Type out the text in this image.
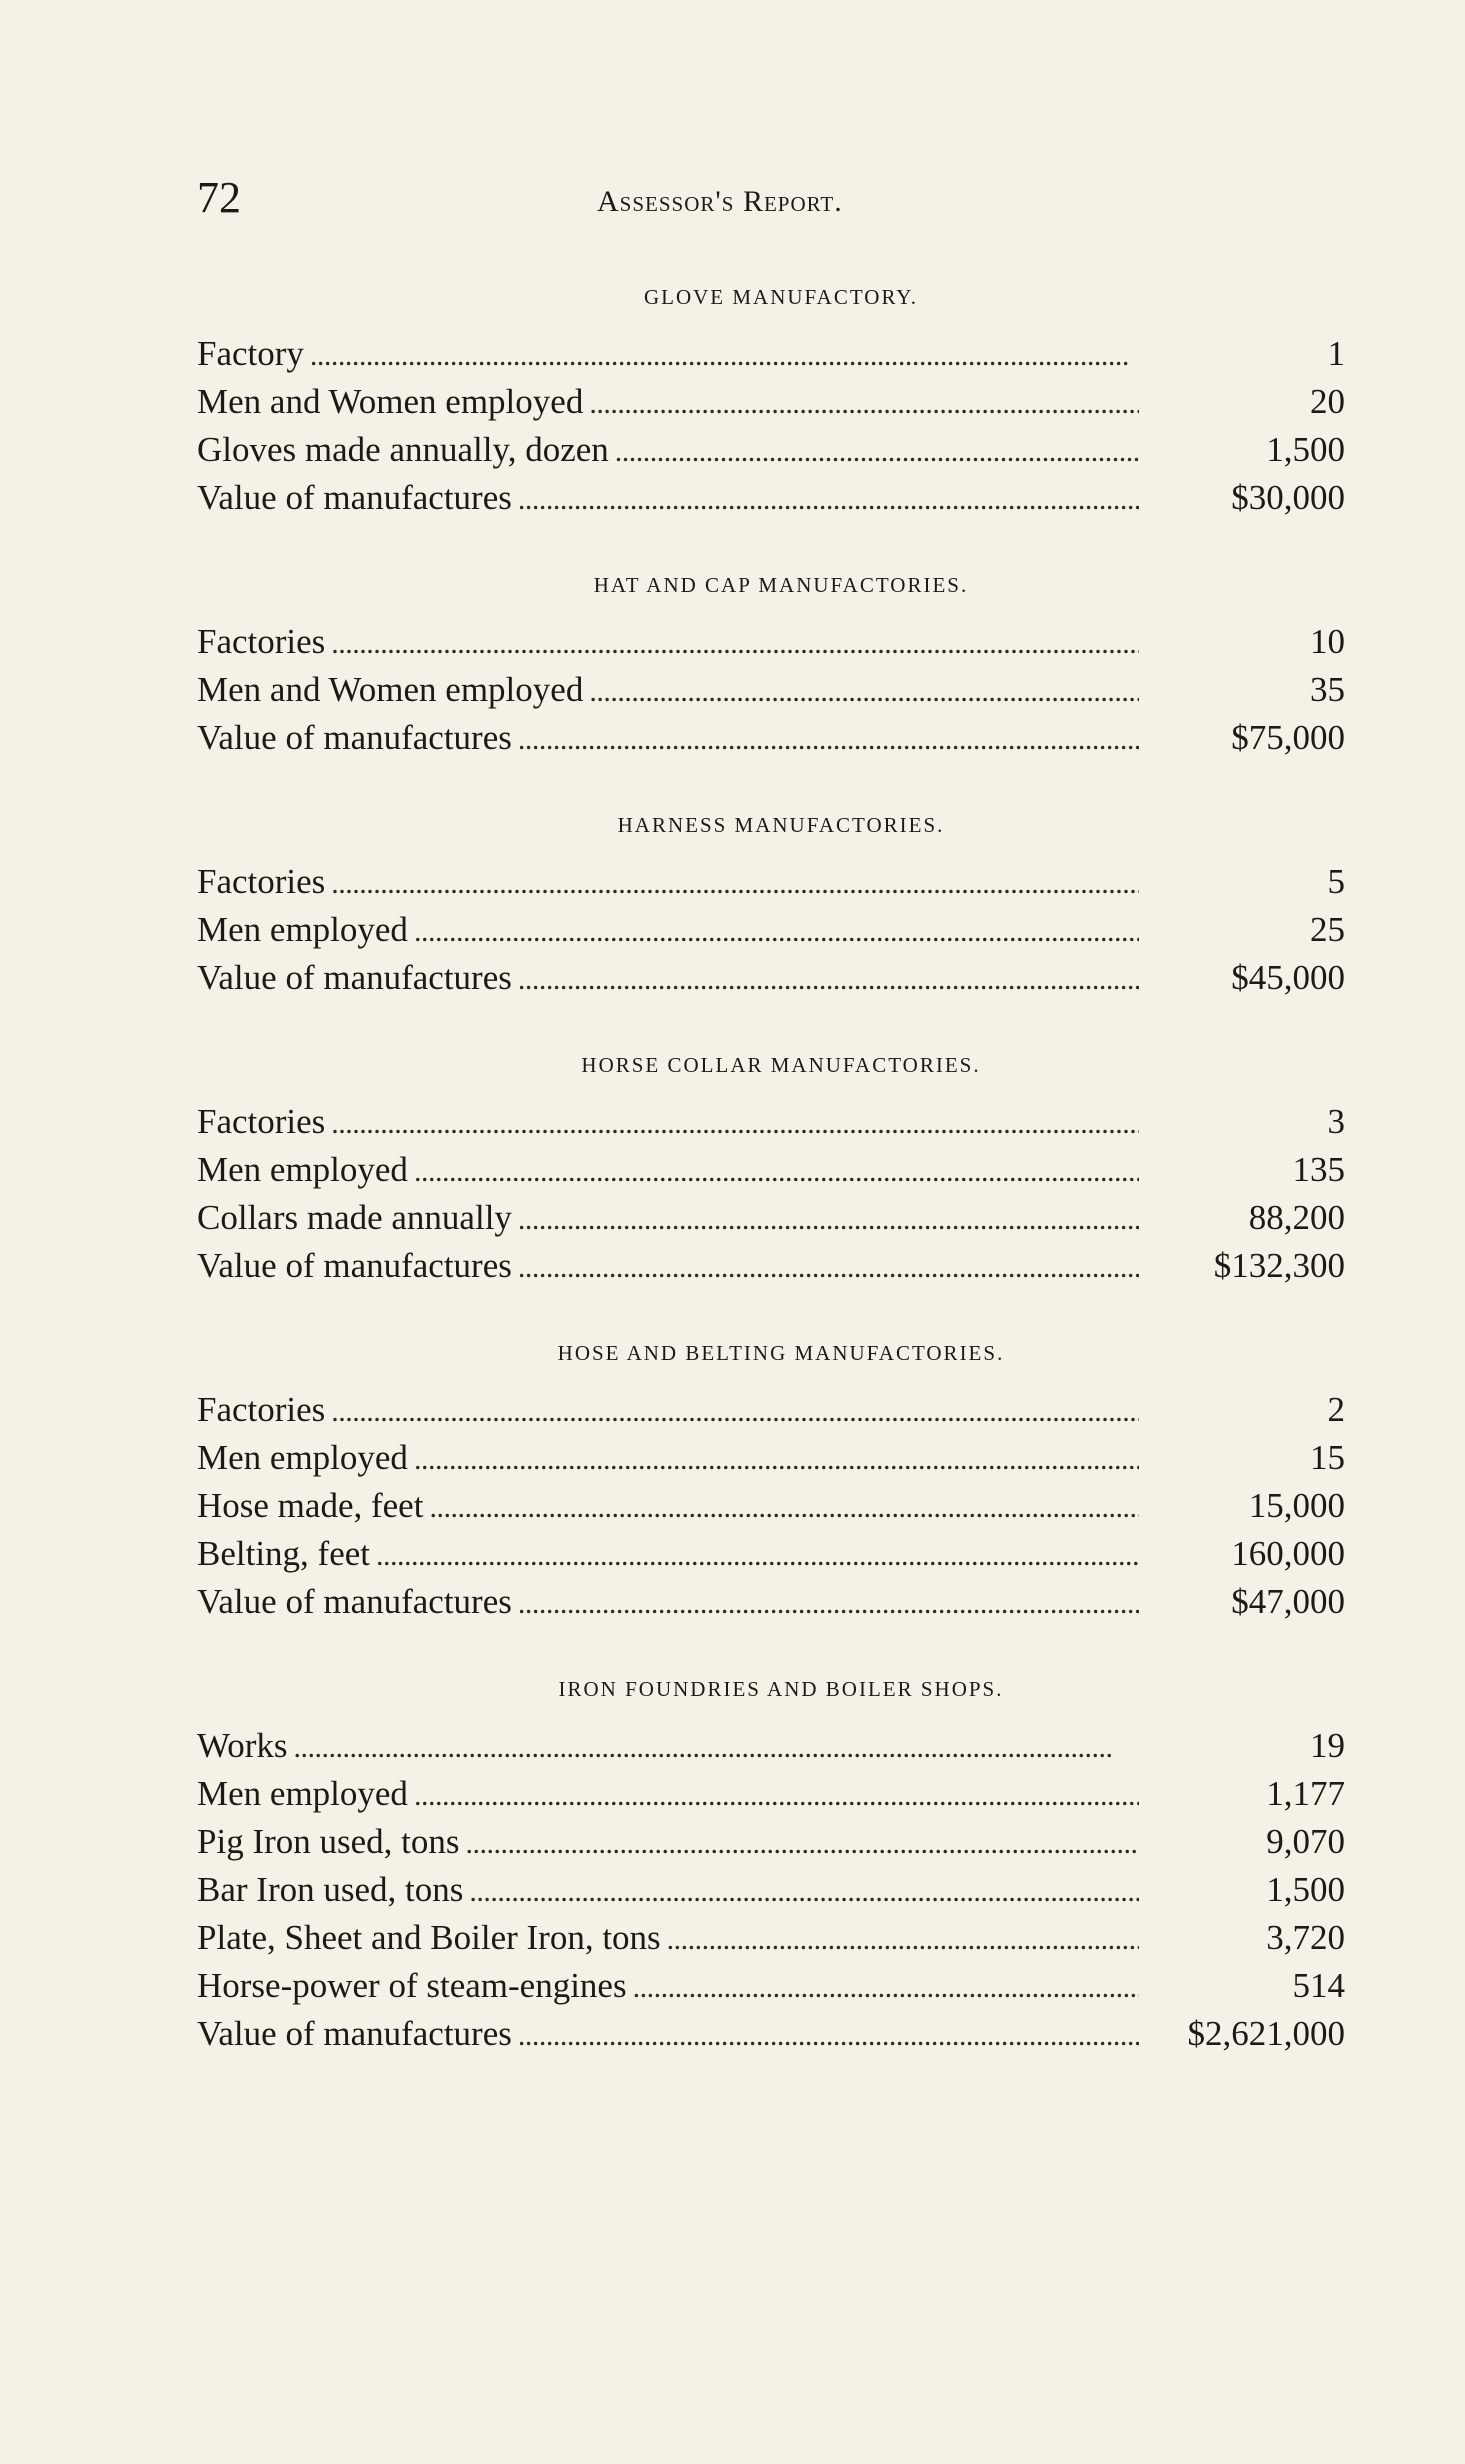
72	Assessor's Report.
GLOVE MANUFACTORY.
Factory . . .	1
Men and Women employed . . .	20
Gloves made annually, dozen . . .	1,500
Value of manufactures . . .	$30,000
HAT AND CAP MANUFACTORIES.
Factories . . .	10
Men and Women employed . . .	35
Value of manufactures . . .	$75,000
HARNESS MANUFACTORIES.
Factories . . .	5
Men employed . . .	25
Value of manufactures . . .	$45,000
HORSE COLLAR MANUFACTORIES.
Factories . . .	3
Men employed . . .	135
Collars made annually . . .	88,200
Value of manufactures . . .	$132,300
HOSE AND BELTING MANUFACTORIES.
Factories . . .	2
Men employed . . .	15
Hose made, feet . . .	15,000
Belting, feet . . .	160,000
Value of manufactures . . .	$47,000
IRON FOUNDRIES AND BOILER SHOPS.
Works . . .	19
Men employed . . .	1,177
Pig Iron used, tons . . .	9,070
Bar Iron used, tons . . .	1,500
Plate, Sheet and Boiler Iron, tons . . .	3,720
Horse-power of steam-engines . . .	514
Value of manufactures . . .	$2,621,000
